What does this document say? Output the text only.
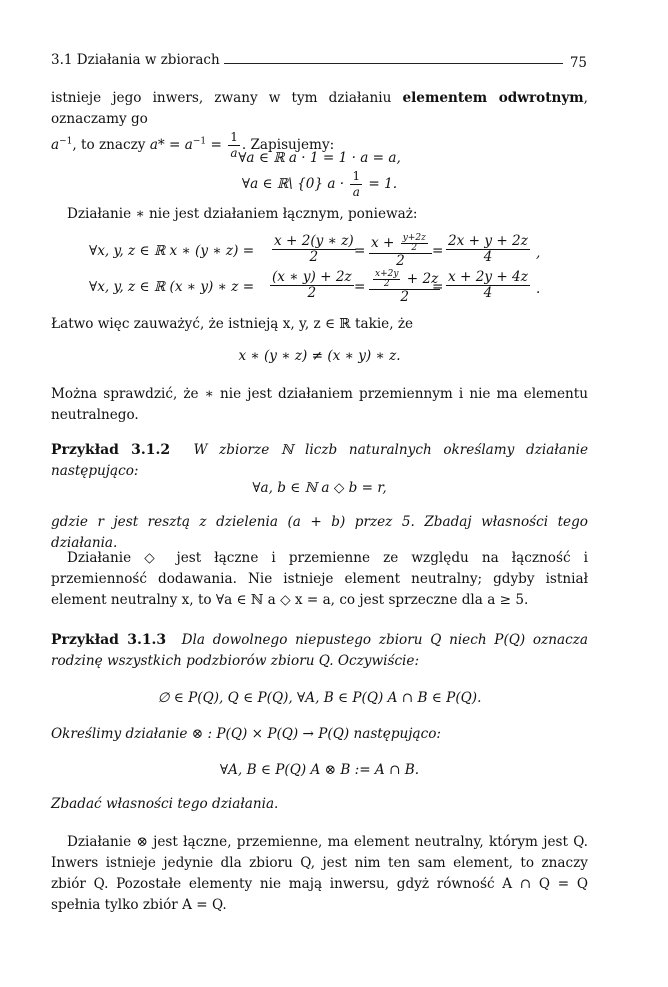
3.1 Działania w zbiorach	75
istnieje jego inwers, zwany w tym działaniu elementem odwrotnym, oznaczamy go
$a^{-1}$, to znaczy $a* = a^{-1} = \frac{1}{a}$ . Zapisujemy:
∀a ∈ ℝ a · 1 = 1 · a = a,
∀a ∈ ℝ\ {0} $a \cdot \frac{1}{a} = 1$.
Działanie ∗ nie jest działaniem łącznym, ponieważ:
∀x, y, z ∈ ℝ x ∗ (y ∗ $z) = \frac{x + 2(y ∗ z)}{2}$
= $\frac{x + \frac{y+2z}{2}}{2} = \frac{2x + y + 2z}{4}$ ,
∀x, y, z ∈ ℝ (x ∗ y) ∗ $z = \frac{(x ∗ y) + 2z}{2} = \frac{\frac{x+2y}{2} + 2z}{2}$
= $\frac{x + 2y + 4z}{4}$ .
Łatwo więc zauważyć, że istnieją x, y, z ∈ ℝ takie, że
x ∗ (y ∗ z) ≠ (x ∗ y) ∗ z.
Można sprawdzić, że ∗ nie jest działaniem przemiennym i nie ma elementu neutralnego.
Przykład 3.1.2 W zbiorze ℕ liczb naturalnych określamy działanie następująco:
∀a, b ∈ ℕ a ◇ b = r,
gdzie r jest resztą z dzielenia (a + b) przez 5. Zbadaj własności tego działania.
Działanie ◇ jest łączne i przemienne ze względu na łączność i przemienność dodawania. Nie istnieje element neutralny; gdyby istniał element neutralny x, to ∀a ∈ ℕ a ◇ x = a, co jest sprzeczne dla a ≥ 5.
Przykład 3.1.3 Dla dowolnego niepustego zbioru Q niech P(Q) oznacza rodzinę wszystkich podzbiorów zbioru Q. Oczywiście:
∅ ∈ P(Q), Q ∈ P(Q), ∀A, B ∈ P(Q) A ∩ B ∈ P(Q).
Określimy działanie ⊗ : P(Q) × P(Q) → P(Q) następująco:
∀A, B ∈ P(Q) A ⊗ B := A ∩ B.
Zbadać własności tego działania.
Działanie ⊗ jest łączne, przemienne, ma element neutralny, którym jest Q. Inwers istnieje jedynie dla zbioru Q, jest nim ten sam element, to znaczy zbiór Q. Pozostałe elementy nie mają inwersu, gdyż równość A ∩ Q = Q spełnia tylko zbiór A = Q.
